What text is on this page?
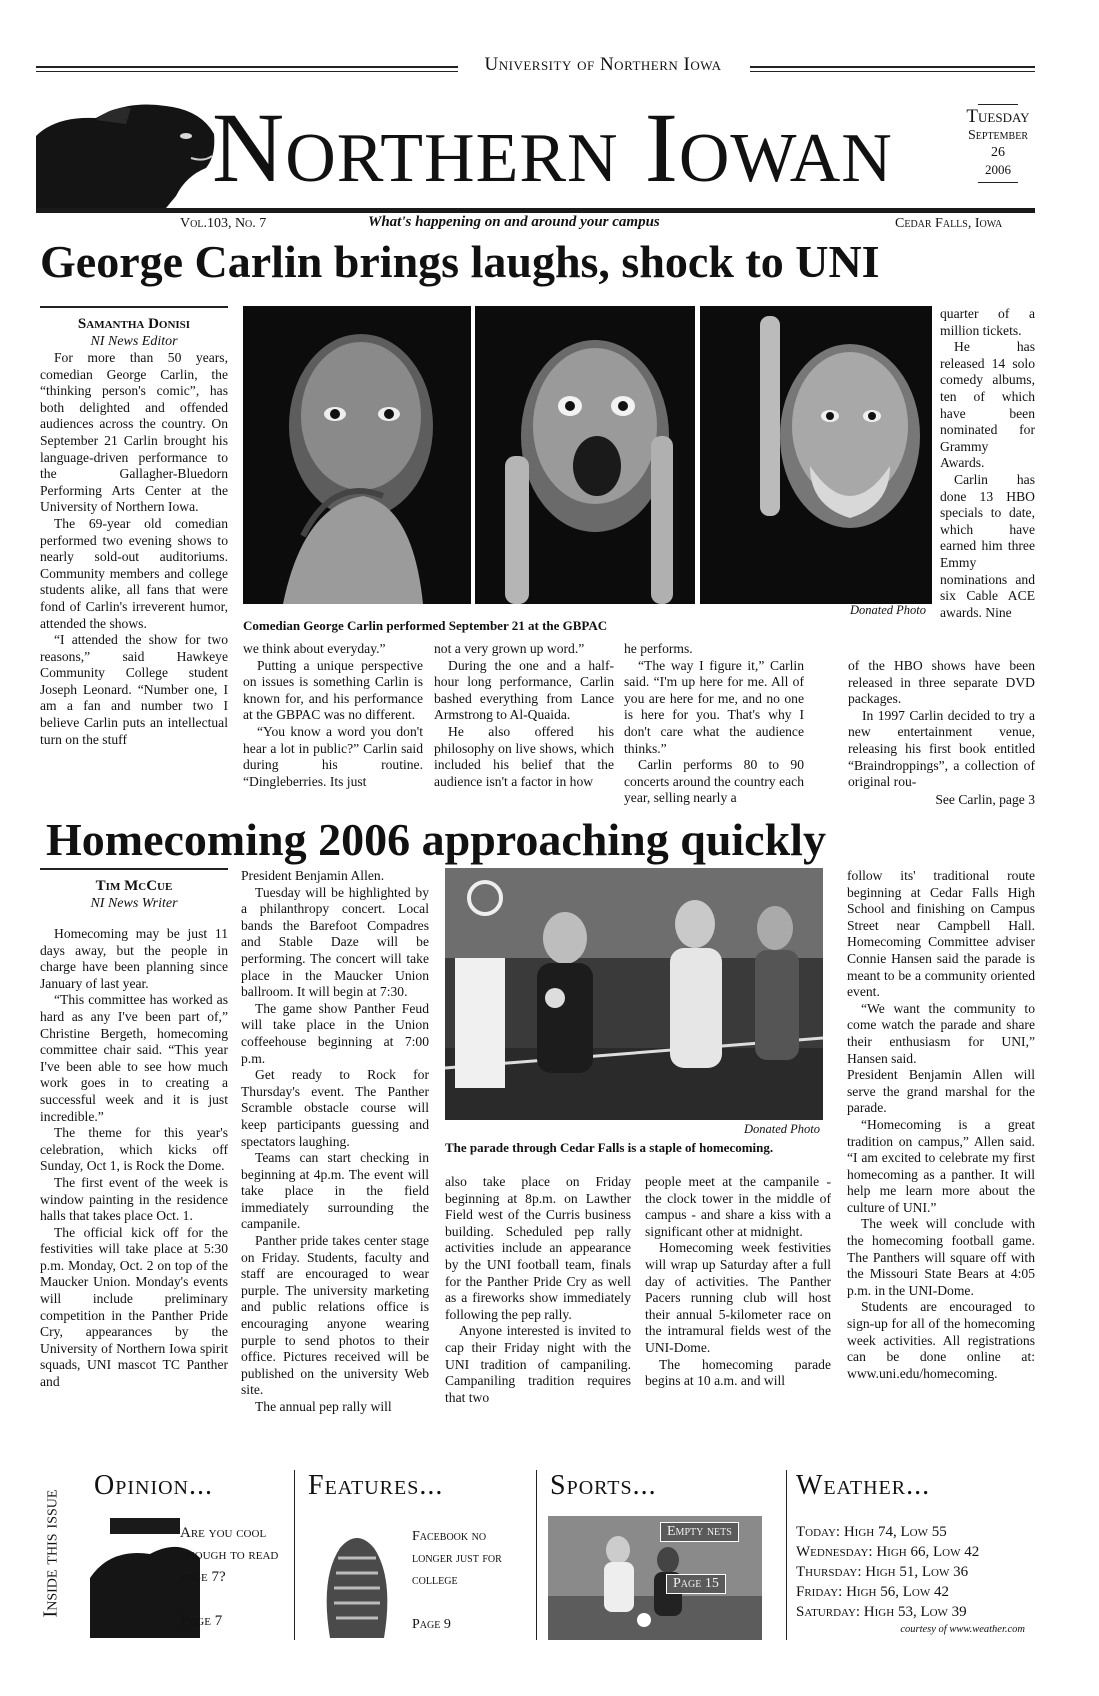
University of Northern Iowa
Northern Iowan	Tuesday
September
26
2006
Vol.103, No. 7	What's happening on and around your campus	Cedar Falls, Iowa
George Carlin brings laughs, shock to UNI
Samantha Donisi
NI News Editor

For more than 50 years, comedian George Carlin, the “thinking person's comic”, has both delighted and offended audiences across the country. On September 21 Carlin brought his language-driven performance to the Gallagher-Bluedorn Performing Arts Center at the University of Northern Iowa.

The 69-year old comedian performed two evening shows to nearly sold-out auditoriums. Community members and college students alike, all fans that were fond of Carlin's irreverent humor, attended the shows.

“I attended the show for two reasons,” said Hawkeye Community College student Joseph Leonard. “Number one, I am a fan and number two I believe Carlin puts an intellectual turn on the stuff

Donated Photo
Comedian George Carlin performed September 21 at the GBPAC

we think about everyday.”

Putting a unique perspective on issues is something Carlin is known for, and his performance at the GBPAC was no different.

“You know a word you don't hear a lot in public?” Carlin said during his routine. “Dingleberries. Its just

not a very grown up word.”

During the one and a half-hour long performance, Carlin bashed everything from Lance Armstrong to Al-Quaida.

He also offered his philosophy on live shows, which included his belief that the audience isn't a factor in how

he performs.

“The way I figure it,” Carlin said. “I'm up here for me. All of you are here for me, and no one is here for you. That's why I don't care what the audience thinks.”

Carlin performs 80 to 90 concerts around the country each year, selling nearly a

quarter of a million tickets.

He has released 14 solo comedy albums, ten of which have been nominated for Grammy Awards.

Carlin has done 13 HBO specials to date, which have earned him three Emmy nominations and six Cable ACE awards. Nine

of the HBO shows have been released in three separate DVD packages.

In 1997 Carlin decided to try a new entertainment venue, releasing his first book entitled “Braindroppings”, a collection of original rou-

See Carlin, page 3
Homecoming 2006 approaching quickly
Tim McCue
NI News Writer

Homecoming may be just 11 days away, but the people in charge have been planning since January of last year.

“This committee has worked as hard as any I've been part of,” Christine Bergeth, homecoming committee chair said. “This year I've been able to see how much work goes in to creating a successful week and it is just incredible.”

The theme for this year's celebration, which kicks off Sunday, Oct 1, is Rock the Dome.

The first event of the week is window painting in the residence halls that takes place Oct. 1.

The official kick off for the festivities will take place at 5:30 p.m. Monday, Oct. 2 on top of the Maucker Union. Monday's events will include preliminary competition in the Panther Pride Cry, appearances by the University of Northern Iowa spirit squads, UNI mascot TC Panther and

President Benjamin Allen.

Tuesday will be highlighted by a philanthropy concert. Local bands the Barefoot Compadres and Stable Daze will be performing. The concert will take place in the Maucker Union ballroom. It will begin at 7:30.

The game show Panther Feud will take place in the Union coffeehouse beginning at 7:00 p.m.

Get ready to Rock for Thursday's event. The Panther Scramble obstacle course will keep participants guessing and spectators laughing.

Teams can start checking in beginning at 4p.m. The event will take place in the field immediately surrounding the campanile.

Panther pride takes center stage on Friday. Students, faculty and staff are encouraged to wear purple. The university marketing and public relations office is encouraging anyone wearing purple to send photos to their office. Pictures received will be published on the university Web site.

The annual pep rally will

Donated Photo
The parade through Cedar Falls is a staple of homecoming.

also take place on Friday beginning at 8p.m. on Lawther Field west of the Curris business building. Scheduled pep rally activities include an appearance by the UNI football team, finals for the Panther Pride Cry as well as a fireworks show immediately following the pep rally.

Anyone interested is invited to cap their Friday night with the UNI tradition of campaniling. Campaniling tradition requires that two

people meet at the campanile - the clock tower in the middle of campus - and share a kiss with a significant other at midnight.

Homecoming week festivities will wrap up Saturday after a full day of activities. The Panther Pacers running club will host their annual 5-kilometer race on the intramural fields west of the UNI-Dome.

The homecoming parade begins at 10 a.m. and will

follow its' traditional route beginning at Cedar Falls High School and finishing on Campus Street near Campbell Hall. Homecoming Committee adviser Connie Hansen said the parade is meant to be a community oriented event.

“We want the community to come watch the parade and share their enthusiasm for UNI,” Hansen said.

President Benjamin Allen will serve the grand marshal for the parade.

“Homecoming is a great tradition on campus,” Allen said. “I am excited to celebrate my first homecoming as a panther. It will help me learn more about the culture of UNI.”

The week will conclude with the homecoming football game. The Panthers will square off with the Missouri State Bears at 4:05 p.m. in the UNI-Dome.

Students are encouraged to sign-up for all of the homecoming week activities. All registrations can be done online at: www.uni.edu/homecoming.

Inside this issue
Opinion...
Are you cool
enough to read
page 7?
Page 7
Features...
Facebook no
longer just for
college
Page 9
Sports...
Empty nets
Page 15
Weather...
Today: High 74, Low 55
Wednesday: High 66, Low 42
Thursday: High 51, Low 36
Friday: High 56, Low 42
Saturday: High 53, Low 39
courtesy of www.weather.com
